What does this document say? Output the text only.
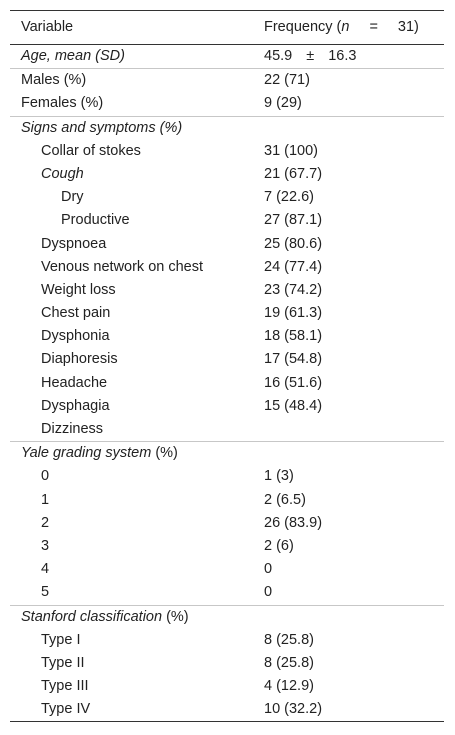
Variable	Frequency (n = 31)
Age, mean (SD)	45.9 ± 16.3
Males (%)	22 (71)
Females (%)	9 (29)
Signs and symptoms (%)
Collar of stokes	31 (100)
Cough	21 (67.7)
Dry	7 (22.6)
Productive	27 (87.1)
Dyspnoea	25 (80.6)
Venous network on chest	24 (77.4)
Weight loss	23 (74.2)
Chest pain	19 (61.3)
Dysphonia	18 (58.1)
Diaphoresis	17 (54.8)
Headache	16 (51.6)
Dysphagia	15 (48.4)
Dizziness
Yale grading system (%)
0	1 (3)
1	2 (6.5)
2	26 (83.9)
3	2 (6)
4	0
5	0
Stanford classification (%)
Type I	8 (25.8)
Type II	8 (25.8)
Type III	4 (12.9)
Type IV	10 (32.2)
